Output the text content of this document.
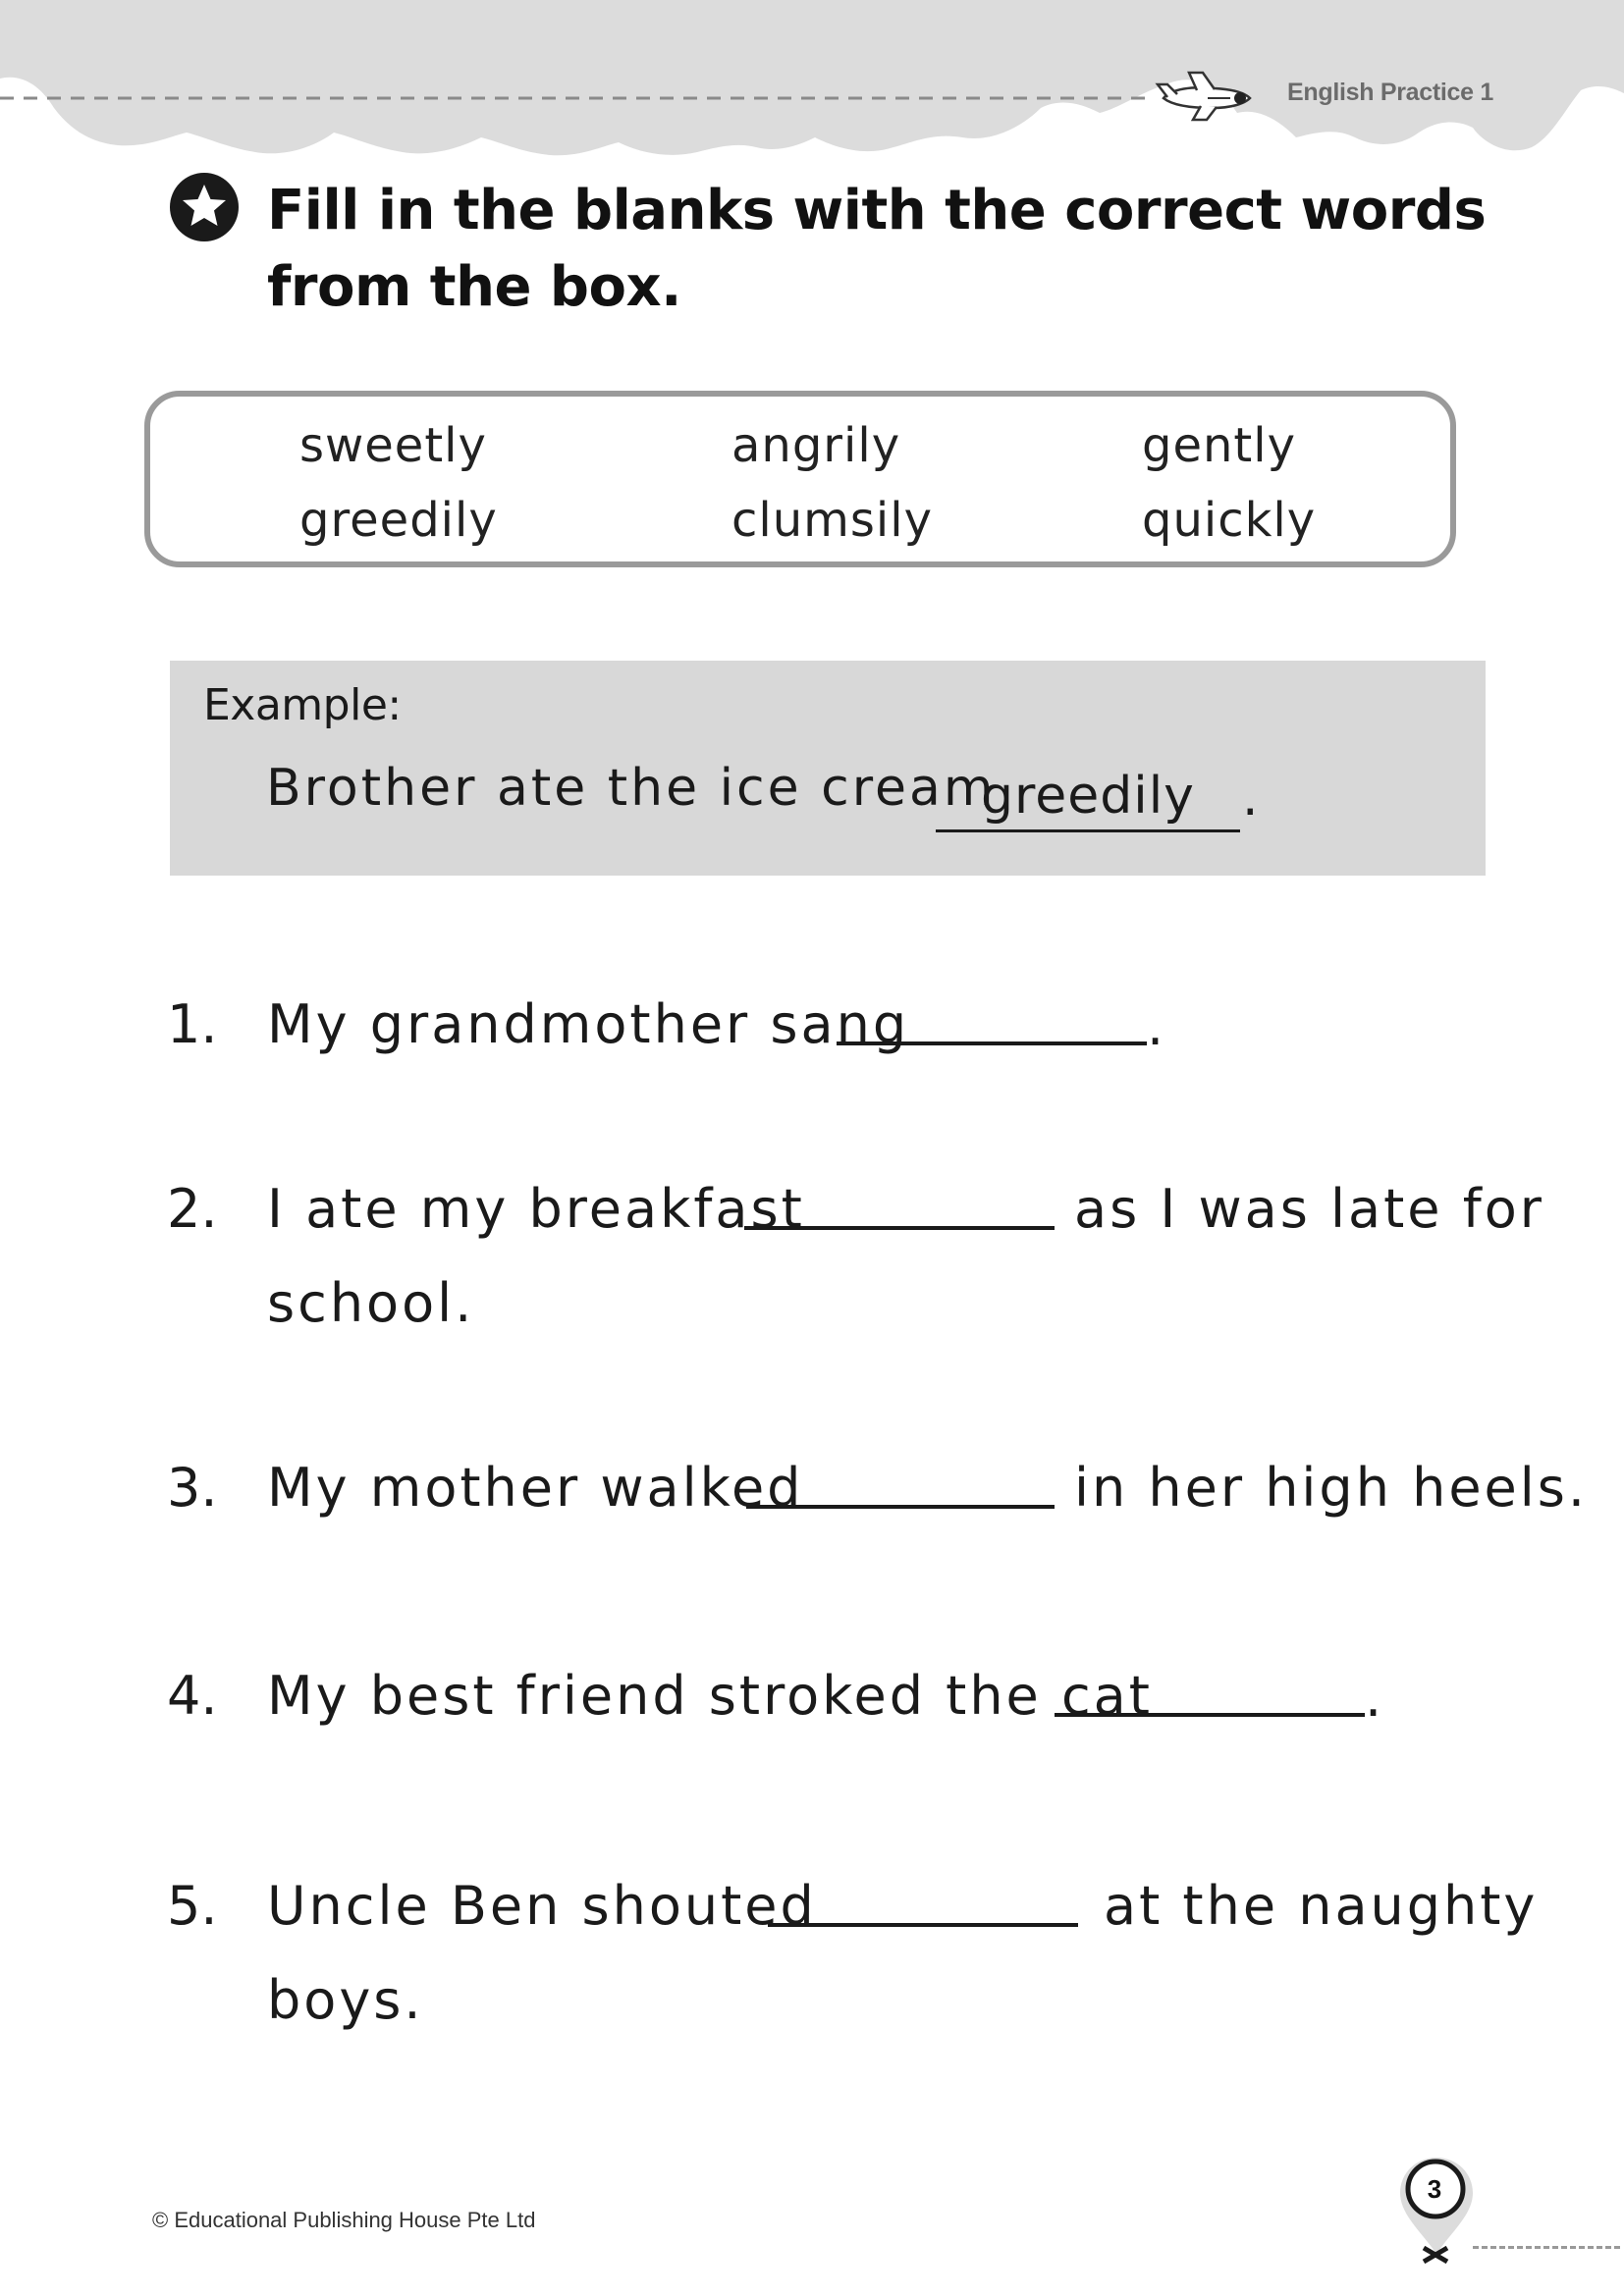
English Practice 1
Fill in the blanks with the correct words from the box.
sweetly	angrily	gently
greedily	clumsily	quickly
Example:
Brother ate the ice cream
greedily .
1. My grandmother sang	.
2. I ate my breakfast	as I was late for
school.
3. My mother walked	in her high heels.
4. My best friend stroked the cat	.
5. Uncle Ben shouted	at the naughty
boys.
© Educational Publishing House Pte Ltd
3
